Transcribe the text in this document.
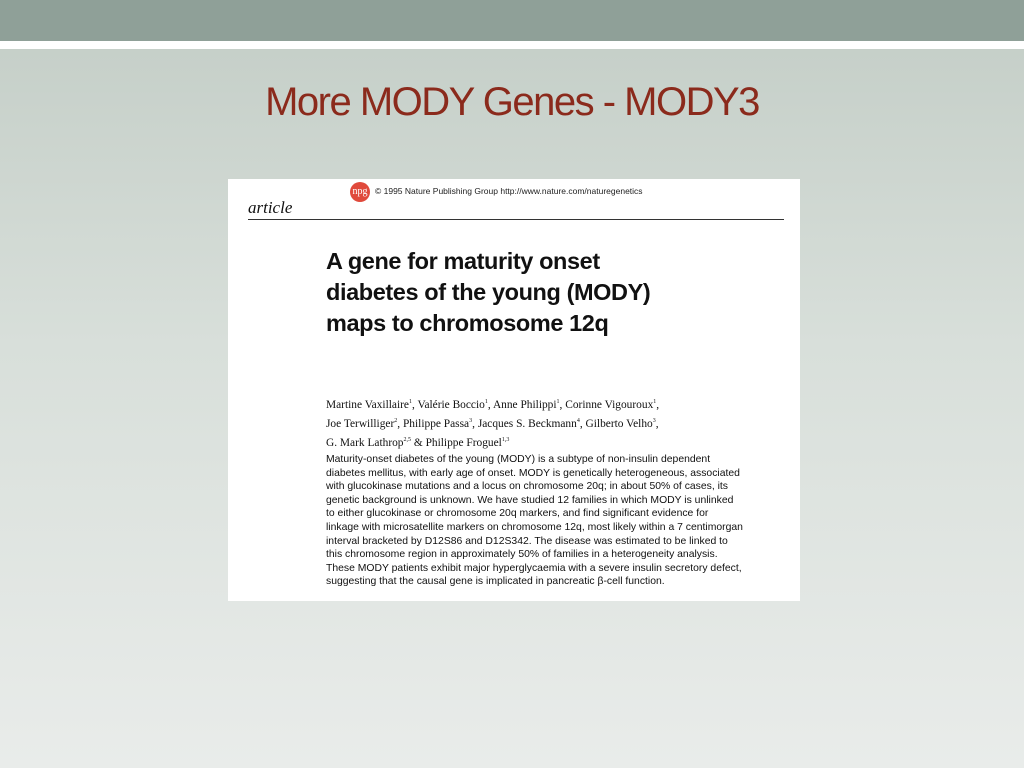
More MODY Genes - MODY3
npg © 1995 Nature Publishing Group http://www.nature.com/naturegenetics
article
A gene for maturity onset
diabetes of the young (MODY)
maps to chromosome 12q
Martine Vaxillaire$^1$, Valérie Boccio$^1$, Anne Philippi$^1$, Corinne Vigouroux$^1$,
Joe Terwilliger$^2$, Philippe Passa$^3$, Jacques S. Beckmann$^4$, Gilberto Velho$^3$,
G. Mark Lathrop$^{2,5}$ & Philippe Froguel$^{1,3}$
Maturity-onset diabetes of the young (MODY) is a subtype of non-insulin dependent
diabetes mellitus, with early age of onset. MODY is genetically heterogeneous, associated
with glucokinase mutations and a locus on chromosome 20q; in about 50% of cases, its
genetic background is unknown. We have studied 12 families in which MODY is unlinked
to either glucokinase or chromosome 20q markers, and find significant evidence for
linkage with microsatellite markers on chromosome 12q, most likely within a 7 centimorgan
interval bracketed by D12S86 and D12S342. The disease was estimated to be linked to
this chromosome region in approximately 50% of families in a heterogeneity analysis.
These MODY patients exhibit major hyperglycaemia with a severe insulin secretory defect,
suggesting that the causal gene is implicated in pancreatic β-cell function.
